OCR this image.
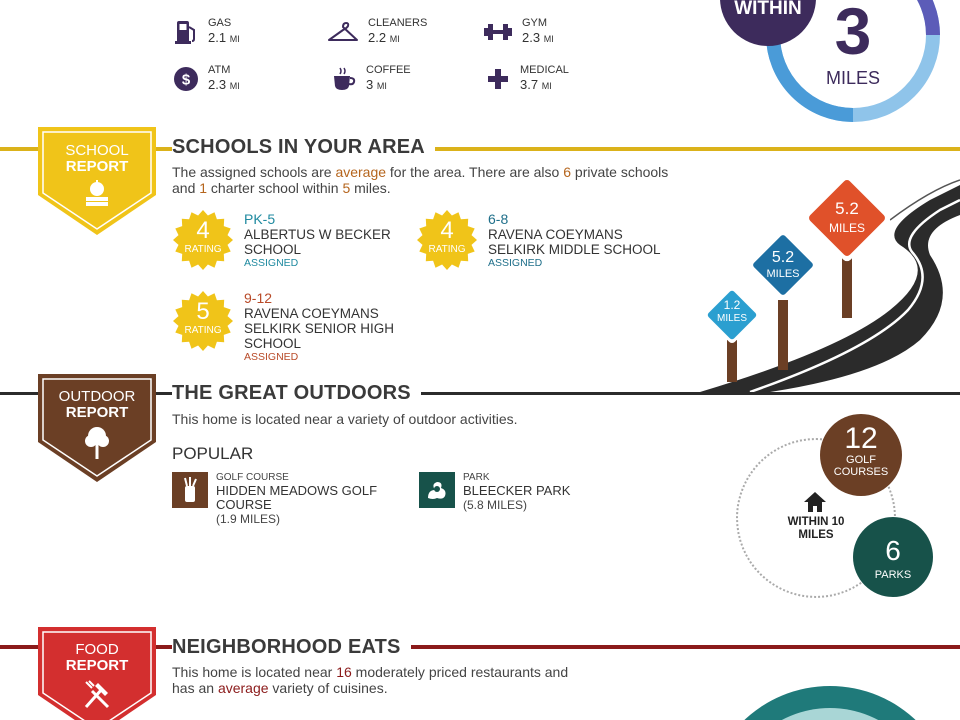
GAS
2.1 MI
CLEANERS
2.2 MI
GYM
2.3 MI
$
ATM
2.3 MI
COFFEE
3 MI
MEDICAL
3.7 MI
WITHIN 3
MILES
SCHOOL
REPORT
SCHOOLS IN YOUR AREA
The assigned schools are average for the area. There are also 6 private schools and 1 charter school within 5 miles.
4
RATING
PK-5
ALBERTUS W BECKER SCHOOL
ASSIGNED
4
RATING
6-8
RAVENA COEYMANS SELKIRK MIDDLE SCHOOL
ASSIGNED
5
RATING
9-12
RAVENA COEYMANS SELKIRK SENIOR HIGH SCHOOL
ASSIGNED
5.2
MILES
5.2
MILES
1.2
MILES
OUTDOOR
REPORT
THE GREAT OUTDOORS
This home is located near a variety of outdoor activities.
POPULAR
GOLF COURSE
HIDDEN MEADOWS GOLF COURSE
(1.9 MILES)
PARK
BLEECKER PARK
(5.8 MILES)
WITHIN 10 MILES
12
GOLF COURSES
6
PARKS
FOOD
REPORT
NEIGHBORHOOD EATS
This home is located near 16 moderately priced restaurants and has an average variety of cuisines.
